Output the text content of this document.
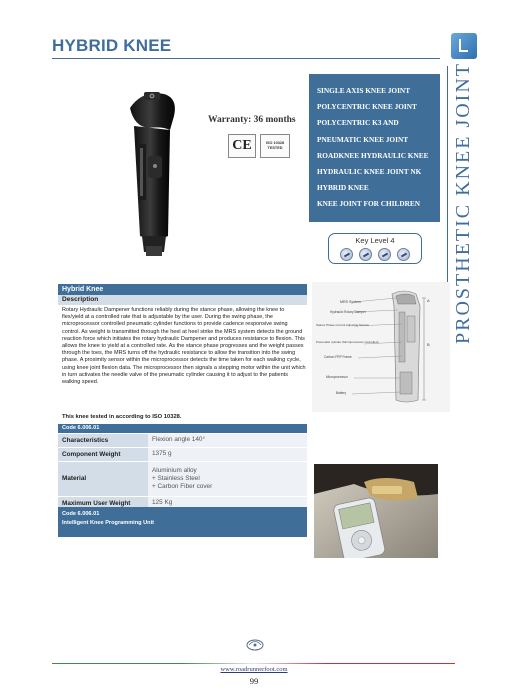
HYBRID KNEE
PROSTHETIC KNEE JOINT
Warranty: 36 months
CE	ISO 10328 TESTED
SINGLE AXIS KNEE JOINT
POLYCENTRIC KNEE JOINT
POLYCENTRIC K3 AND
PNEUMATIC KNEE JOINT
ROADKNEE HYDRAULIC KNEE
HYDRAULIC KNEE JOINT NK
HYBRID KNEE
KNEE JOINT FOR CHILDREN
Key Level 4
Hybrid Knee
Description
Rotary Hydraulic Dampener functions reliably during the stance phase, allowing the knee to flex/yield at a controlled rate that is adjustable by the user. During the swing phase, the microprocessor controlled pneumatic cylinder functions to provide cadence responsive swing control. As weight is transmitted through the heel at heel strike the MRS system detects the ground reaction force which initiates the rotary hydraulic Dampener and produces resistance to flexion. This allows the knee to yield at a controlled rate. As the stance phase progresses and the weight passes through the toes, the MRS turns off the hydraulic resistance to allow the transition into the swing phase. A proximity sensor within the microprocessor detects the time taken for each walking cycle, using knee joint flexion data. The microprocessor then signals a stepping motor within the unit which in turn activates the needle valve of the pneumatic cylinder causing it to adjust to the patients walking speed.
This knee tested in according to ISO 10328.
Code 6.006.01
Characteristics	Flexion angle 140°
Component Weight	1375 g
Material	Aluminium alloy
+ Stainless Steel
+ Carbon Fiber cover

Maximum User Weight	125 Kg
Code 6.006.01
Intelligent Knee Programming Unit
MRS System
Hydraulic Rotary Damper
Stance Phase Control Adjusting Screws
Pneumatic cylinder (Microprocessor controlled)
Carbon FRP Frame
Microprocessor
Battery
A
B
www.roadrunnerfoot.com
99
